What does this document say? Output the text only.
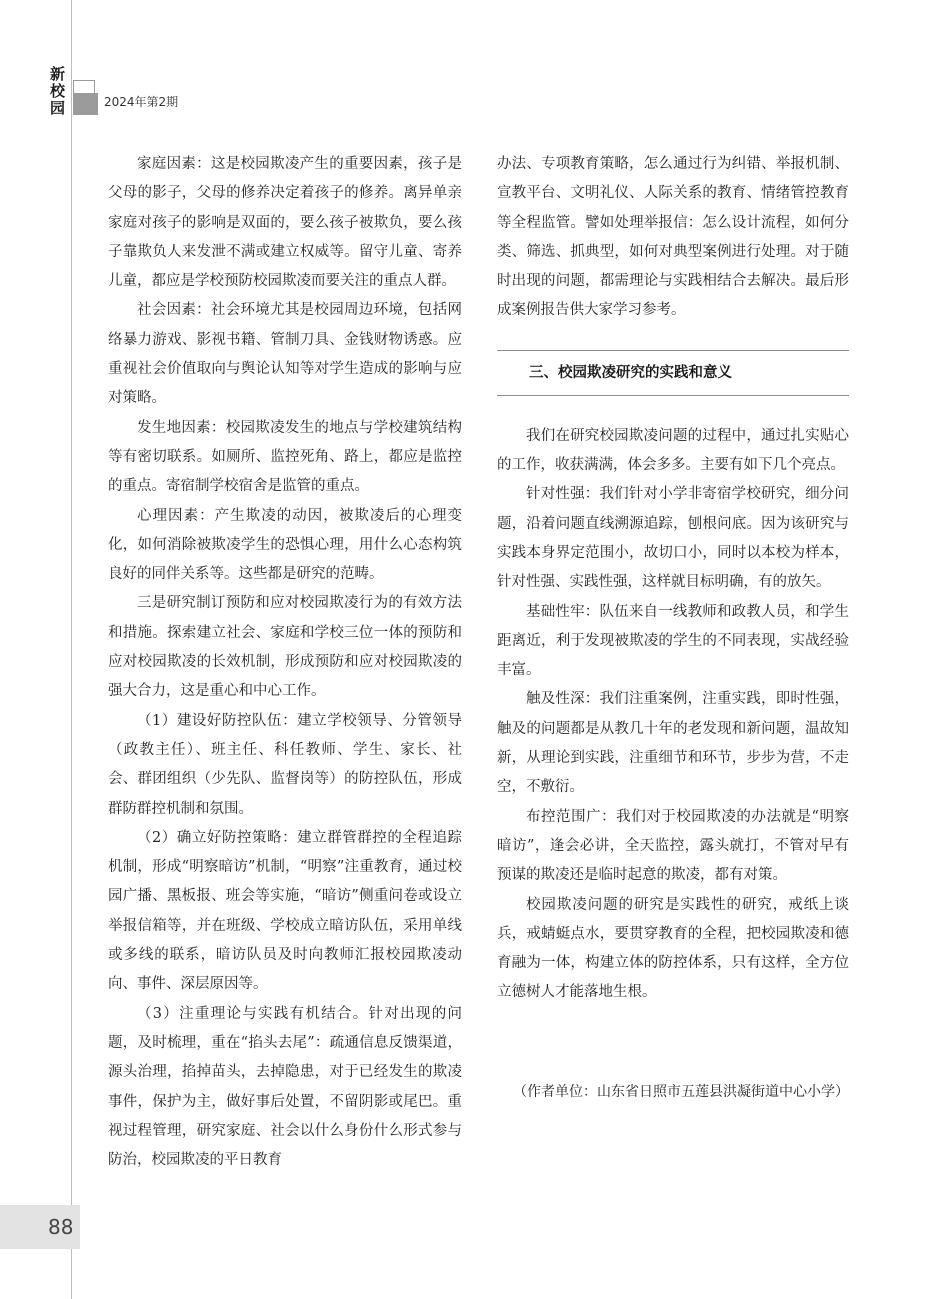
新
校
园	2024年第2期
88

家庭因素：这是校园欺凌产生的重要因素，孩子是父母的影子，父母的修养决定着孩子的修养。离异单亲家庭对孩子的影响是双面的，要么孩子被欺负，要么孩子靠欺负人来发泄不满或建立权威等。留守儿童、寄养儿童，都应是学校预防校园欺凌而要关注的重点人群。

社会因素：社会环境尤其是校园周边环境，包括网络暴力游戏、影视书籍、管制刀具、金钱财物诱惑。应重视社会价值取向与舆论认知等对学生造成的影响与应对策略。

发生地因素：校园欺凌发生的地点与学校建筑结构等有密切联系。如厕所、监控死角、路上，都应是监控的重点。寄宿制学校宿舍是监管的重点。

心理因素：产生欺凌的动因，被欺凌后的心理变化，如何消除被欺凌学生的恐惧心理，用什么心态构筑良好的同伴关系等。这些都是研究的范畴。

三是研究制订预防和应对校园欺凌行为的有效方法和措施。探索建立社会、家庭和学校三位一体的预防和应对校园欺凌的长效机制，形成预防和应对校园欺凌的强大合力，这是重心和中心工作。

（1）建设好防控队伍：建立学校领导、分管领导（政教主任）、班主任、科任教师、学生、家长、社会、群团组织（少先队、监督岗等）的防控队伍，形成群防群控机制和氛围。

（2）确立好防控策略：建立群管群控的全程追踪机制，形成“明察暗访”机制，“明察”注重教育，通过校园广播、黑板报、班会等实施，“暗访”侧重问卷或设立举报信箱等，并在班级、学校成立暗访队伍，采用单线或多线的联系，暗访队员及时向教师汇报校园欺凌动向、事件、深层原因等。

（3）注重理论与实践有机结合。针对出现的问题，及时梳理，重在“掐头去尾”：疏通信息反馈渠道，源头治理，掐掉苗头，去掉隐患，对于已经发生的欺凌事件，保护为主，做好事后处置，不留阴影或尾巴。重视过程管理，研究家庭、社会以什么身份什么形式参与防治，校园欺凌的平日教育

办法、专项教育策略，怎么通过行为纠错、举报机制、宣教平台、文明礼仪、人际关系的教育、情绪管控教育等全程监管。譬如处理举报信：怎么设计流程，如何分类、筛选、抓典型，如何对典型案例进行处理。对于随时出现的问题，都需理论与实践相结合去解决。最后形成案例报告供大家学习参考。

三、校园欺凌研究的实践和意义

我们在研究校园欺凌问题的过程中，通过扎实贴心的工作，收获满满，体会多多。主要有如下几个亮点。

针对性强：我们针对小学非寄宿学校研究，细分问题，沿着问题直线溯源追踪，刨根问底。因为该研究与实践本身界定范围小，故切口小，同时以本校为样本，针对性强、实践性强，这样就目标明确，有的放矢。

基础性牢：队伍来自一线教师和政教人员，和学生距离近，利于发现被欺凌的学生的不同表现，实战经验丰富。

触及性深：我们注重案例，注重实践，即时性强，触及的问题都是从教几十年的老发现和新问题，温故知新，从理论到实践，注重细节和环节，步步为营，不走空，不敷衍。

布控范围广：我们对于校园欺凌的办法就是“明察暗访”，逢会必讲，全天监控，露头就打，不管对早有预谋的欺凌还是临时起意的欺凌，都有对策。

校园欺凌问题的研究是实践性的研究，戒纸上谈兵，戒蜻蜓点水，要贯穿教育的全程，把校园欺凌和德育融为一体，构建立体的防控体系，只有这样，全方位立德树人才能落地生根。

（作者单位：山东省日照市五莲县洪凝街道中心小学）
